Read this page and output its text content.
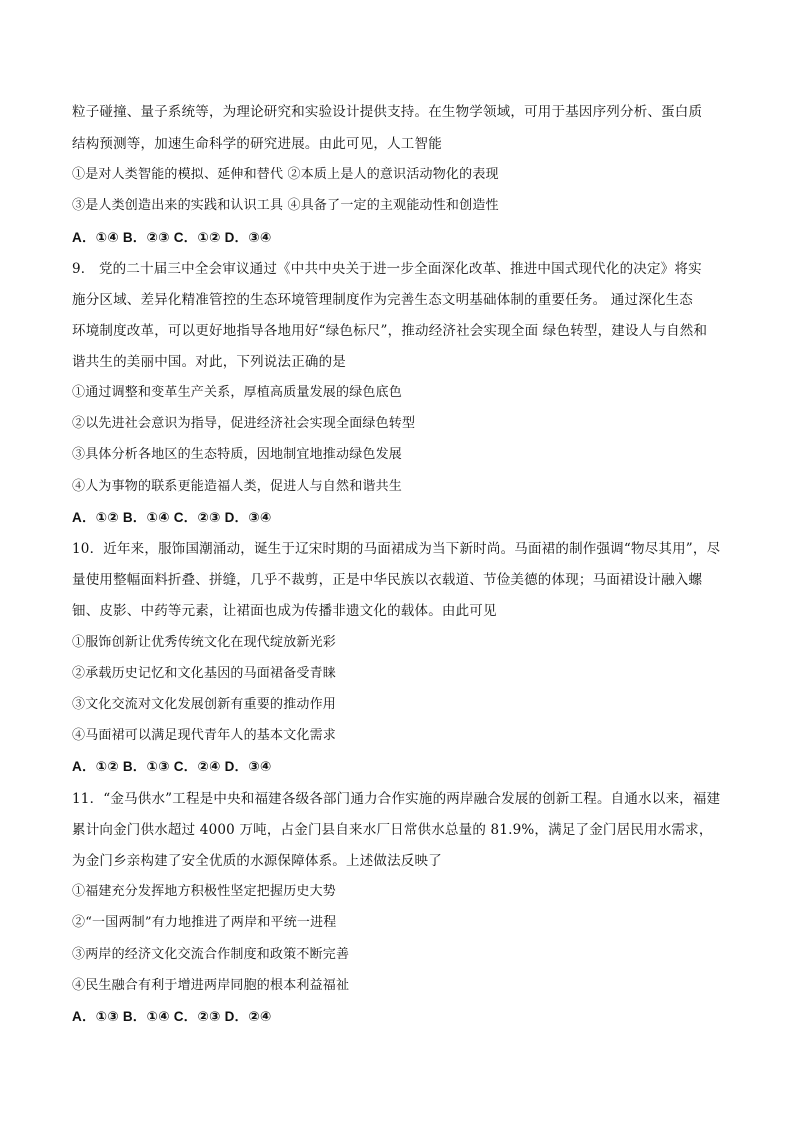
粒子碰撞、量子系统等，为理论研究和实验设计提供支持。在生物学领域，可用于基因序列分析、蛋白质
结构预测等，加速生命科学的研究进展。由此可见，人工智能
①是对人类智能的模拟、延伸和替代 ②本质上是人的意识活动物化的表现
③是人类创造出来的实践和认识工具 ④具备了一定的主观能动性和创造性
A．①④ B．②③ C．①② D．③④
9． 党的二十届三中全会审议通过《中共中央关于进一步全面深化改革、推进中国式现代化的决定》将实
施分区域、差异化精准管控的生态环境管理制度作为完善生态文明基础体制的重要任务。 通过深化生态
环境制度改革，可以更好地指导各地用好“绿色标尺”，推动经济社会实现全面 绿色转型，建设人与自然和
谐共生的美丽中国。对此，下列说法正确的是
①通过调整和变革生产关系，厚植高质量发展的绿色底色
②以先进社会意识为指导，促进经济社会实现全面绿色转型
③具体分析各地区的生态特质，因地制宜地推动绿色发展
④人为事物的联系更能造福人类，促进人与自然和谐共生
A．①② B．①④ C．②③ D．③④
10．近年来，服饰国潮涌动，诞生于辽宋时期的马面裙成为当下新时尚。马面裙的制作强调“物尽其用”，尽
量使用整幅面料折叠、拼缝，几乎不裁剪，正是中华民族以衣载道、节俭美德的体现；马面裙设计融入螺
钿、皮影、中药等元素，让裙面也成为传播非遗文化的载体。由此可见
①服饰创新让优秀传统文化在现代绽放新光彩
②承载历史记忆和文化基因的马面裙备受青睐
③文化交流对文化发展创新有重要的推动作用
④马面裙可以满足现代青年人的基本文化需求
A．①② B．①③ C．②④ D．③④
11．“金马供水”工程是中央和福建各级各部门通力合作实施的两岸融合发展的创新工程。自通水以来，福建
累计向金门供水超过 4000 万吨，占金门县自来水厂日常供水总量的 81.9%，满足了金门居民用水需求，
为金门乡亲构建了安全优质的水源保障体系。上述做法反映了
①福建充分发挥地方积极性坚定把握历史大势
②“一国两制”有力地推进了两岸和平统一进程
③两岸的经济文化交流合作制度和政策不断完善
④民生融合有利于增进两岸同胞的根本利益福祉
A．①③ B．①④ C．②③ D．②④
